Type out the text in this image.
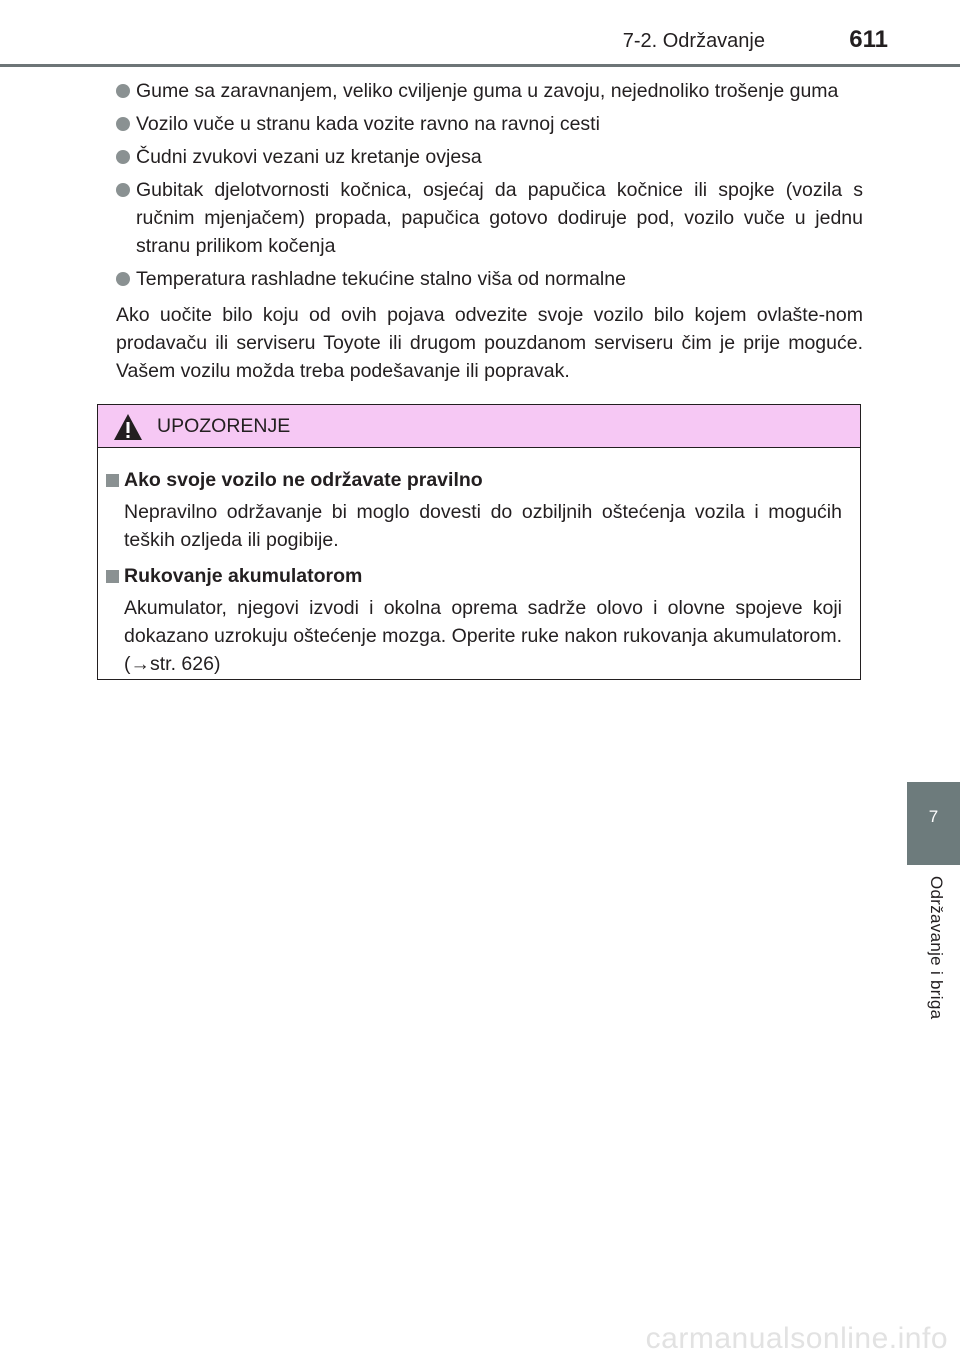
7-2. Održavanje	611
7
Održavanje i briga
Gume sa zaravnanjem, veliko cviljenje guma u zavoju, nejednoliko trošenje guma
Vozilo vuče u stranu kada vozite ravno na ravnoj cesti
Čudni zvukovi vezani uz kretanje ovjesa
Gubitak djelotvornosti kočnica, osjećaj da papučica kočnice ili spojke (vozila s ručnim mjenjačem) propada, papučica gotovo dodiruje pod, vozilo vuče u jednu stranu prilikom kočenja
Temperatura rashladne tekućine stalno viša od normalne
Ako uočite bilo koju od ovih pojava odvezite svoje vozilo bilo kojem ovlašte-nom prodavaču ili serviseru Toyote ili drugom pouzdanom serviseru čim je prije moguće. Vašem vozilu možda treba podešavanje ili popravak.
UPOZORENJE
Ako svoje vozilo ne održavate pravilno
Nepravilno održavanje bi moglo dovesti do ozbiljnih oštećenja vozila i mogućih teških ozljeda ili pogibije.
Rukovanje akumulatorom
Akumulator, njegovi izvodi i okolna oprema sadrže olovo i olovne spojeve koji dokazano uzrokuju oštećenje mozga. Operite ruke nakon rukovanja akumulatorom. (→str. 626)
carmanualsonline.info
